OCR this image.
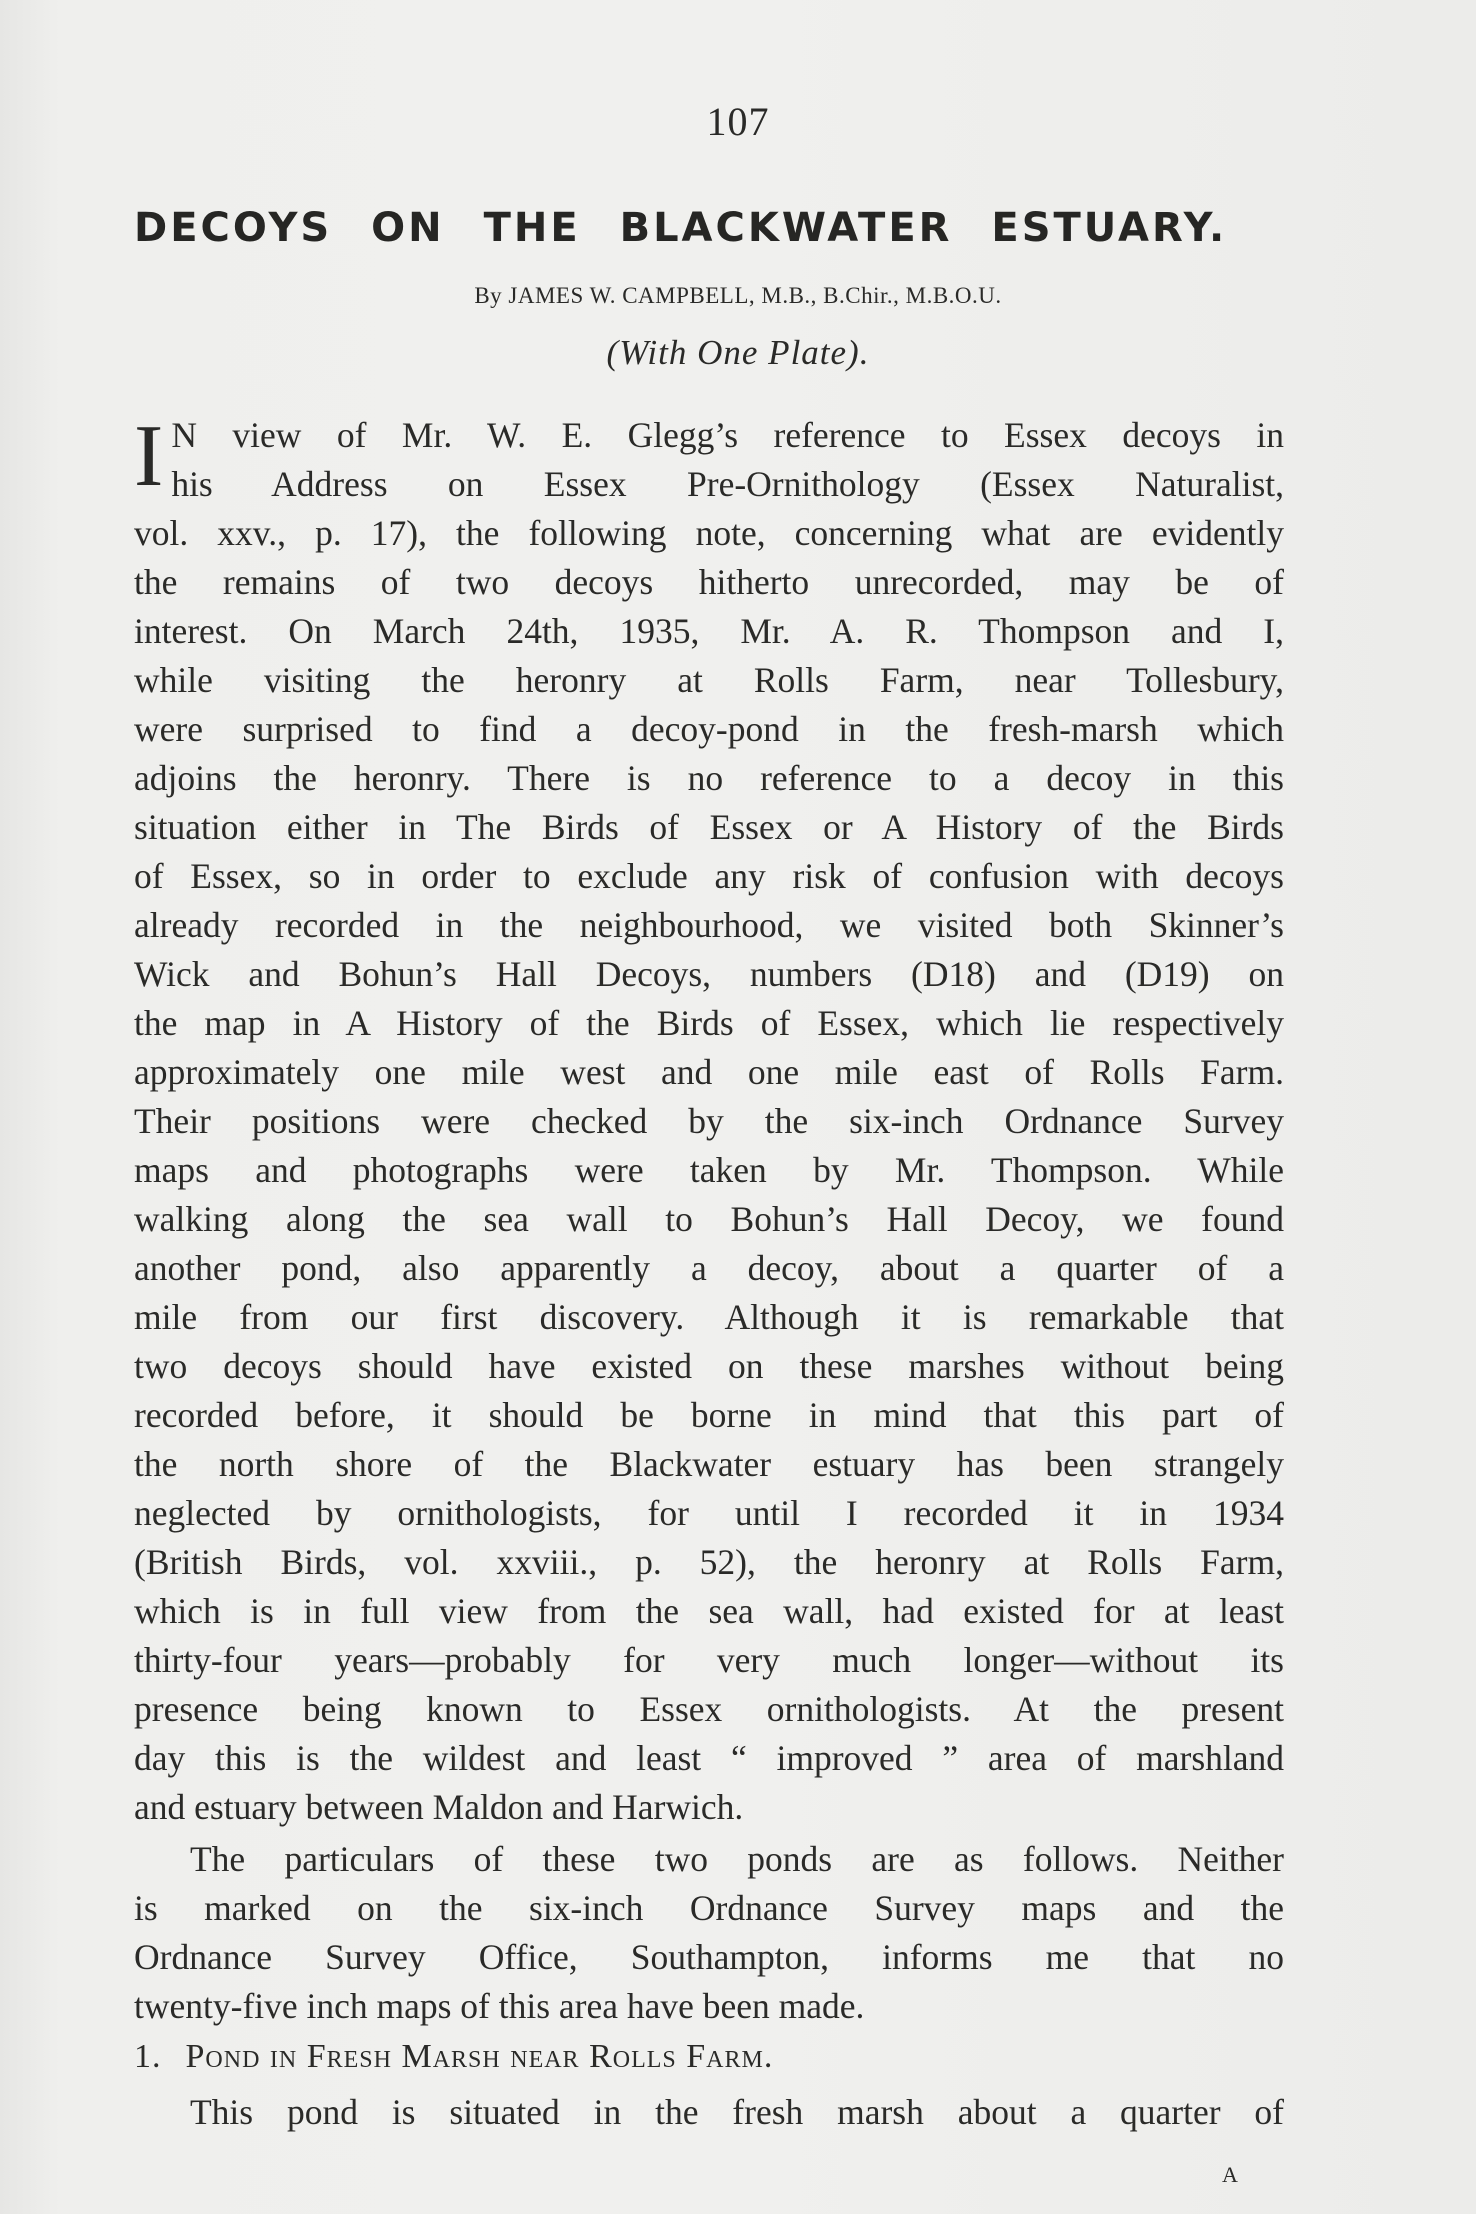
107
DECOYS ON THE BLACKWATER ESTUARY.
By JAMES W. CAMPBELL, M.B., B.Chir., M.B.O.U.
(With One Plate).
I N view of Mr. W. E. Glegg’s reference to Essex decoys in
his Address on Essex Pre-Ornithology (Essex Naturalist,
vol. xxv., p. 17), the following note, concerning what are evidently
the remains of two decoys hitherto unrecorded, may be of
interest. On March 24th, 1935, Mr. A. R. Thompson and I,
while visiting the heronry at Rolls Farm, near Tollesbury,
were surprised to find a decoy-pond in the fresh-marsh which
adjoins the heronry. There is no reference to a decoy in this
situation either in The Birds of Essex or A History of the Birds
of Essex, so in order to exclude any risk of confusion with decoys
already recorded in the neighbourhood, we visited both Skinner’s
Wick and Bohun’s Hall Decoys, numbers (D18) and (D19) on
the map in A History of the Birds of Essex, which lie respectively
approximately one mile west and one mile east of Rolls Farm.
Their positions were checked by the six-inch Ordnance Survey
maps and photographs were taken by Mr. Thompson. While
walking along the sea wall to Bohun’s Hall Decoy, we found
another pond, also apparently a decoy, about a quarter of a
mile from our first discovery. Although it is remarkable that
two decoys should have existed on these marshes without being
recorded before, it should be borne in mind that this part of
the north shore of the Blackwater estuary has been strangely
neglected by ornithologists, for until I recorded it in 1934
(British Birds, vol. xxviii., p. 52), the heronry at Rolls Farm,
which is in full view from the sea wall, had existed for at least
thirty-four years—probably for very much longer—without its
presence being known to Essex ornithologists. At the present
day this is the wildest and least “ improved ” area of marshland
and estuary between Maldon and Harwich.
The particulars of these two ponds are as follows. Neither
is marked on the six-inch Ordnance Survey maps and the
Ordnance Survey Office, Southampton, informs me that no
twenty-five inch maps of this area have been made.
1. Pond in Fresh Marsh near Rolls Farm.
This pond is situated in the fresh marsh about a quarter of
A
